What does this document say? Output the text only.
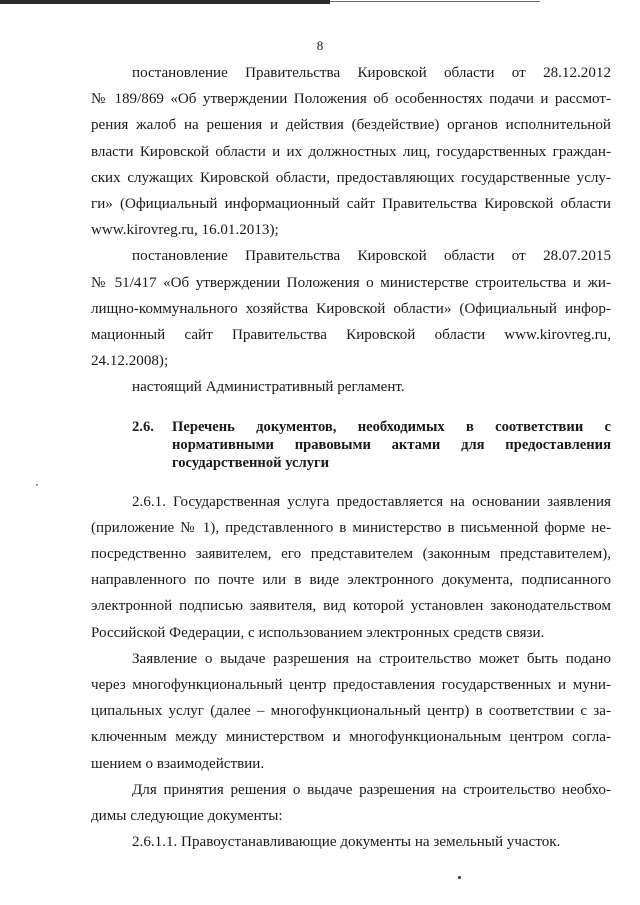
8

постановление Правительства Кировской области от 28.12.2012
№ 189/869 «Об утверждении Положения об особенностях подачи и рассмот-
рения жалоб на решения и действия (бездействие) органов исполнительной
власти Кировской области и их должностных лиц, государственных граждан-
ских служащих Кировской области, предоставляющих государственные услу-
ги» (Официальный информационный сайт Правительства Кировской области
www.kirovreg.ru, 16.01.2013);

постановление Правительства Кировской области от 28.07.2015
№ 51/417 «Об утверждении Положения о министерстве строительства и жи-
лищно-коммунального хозяйства Кировской области» (Официальный инфор-
мационный сайт Правительства Кировской области www.kirovreg.ru,
24.12.2008);

настоящий Административный регламент.

2.6.	Перечень документов, необходимых в соответствии с
нормативными правовыми актами для предоставления
государственной услуги

2.6.1. Государственная услуга предоставляется на основании заявления
(приложение № 1), представленного в министерство в письменной форме не-
посредственно заявителем, его представителем (законным представителем),
направленного по почте или в виде электронного документа, подписанного
электронной подписью заявителя, вид которой установлен законодательством
Российской Федерации, с использованием электронных средств связи.

Заявление о выдаче разрешения на строительство может быть подано
через многофункциональный центр предоставления государственных и муни-
ципальных услуг (далее – многофункциональный центр) в соответствии с за-
ключенным между министерством и многофункциональным центром согла-
шением о взаимодействии.

Для принятия решения о выдаче разрешения на строительство необхо-
димы следующие документы:

2.6.1.1. Правоустанавливающие документы на земельный участок.
